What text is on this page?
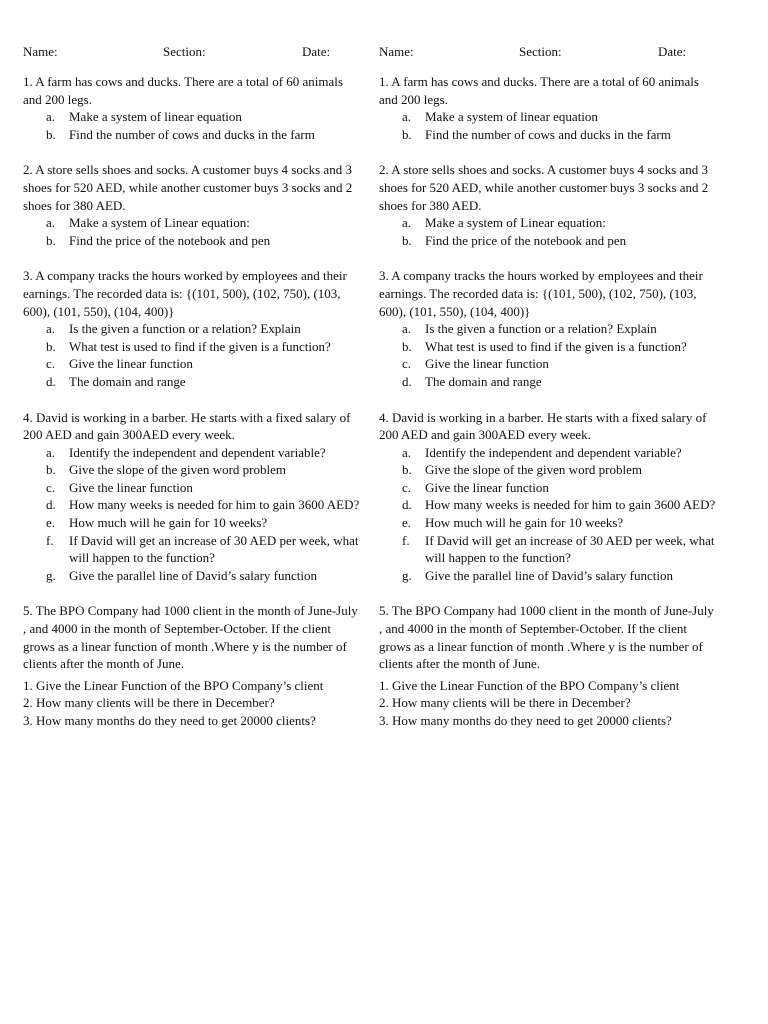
Name:	Section:	Date:

1. A farm has cows and ducks. There are a total of 60 animals and 200 legs.

a. Make a system of linear equation
b. Find the number of cows and ducks in the farm

2. A store sells shoes and socks. A customer buys 4 socks and 3 shoes for 520 AED, while another customer buys 3 socks and 2 shoes for 380 AED.

a. Make a system of Linear equation:
b. Find the price of the notebook and pen

3. A company tracks the hours worked by employees and their earnings. The recorded data is: {(101, 500), (102, 750), (103, 600), (101, 550), (104, 400)}

a. Is the given a function or a relation? Explain
b. What test is used to find if the given is a function?
c. Give the linear function
d. The domain and range

4. David is working in a barber. He starts with a fixed salary of 200 AED and gain 300AED every week.

a. Identify the independent and dependent variable?
b. Give the slope of the given word problem
c. Give the linear function
d. How many weeks is needed for him to gain 3600 AED?
e. How much will he gain for 10 weeks?
f. If David will get an increase of 30 AED per week, what will happen to the function?
g. Give the parallel line of David’s salary function

5. The BPO Company had 1000 client in the month of June-July , and 4000 in the month of September-October. If the client grows as a linear function of month .Where y is the number of clients after the month of June.

1. Give the Linear Function of the BPO Company’s client
2. How many clients will be there in December?
3. How many months do they need to get 20000 clients?
Name:	Section:	Date:

1. A farm has cows and ducks. There are a total of 60 animals and 200 legs.

a. Make a system of linear equation
b. Find the number of cows and ducks in the farm

2. A store sells shoes and socks. A customer buys 4 socks and 3 shoes for 520 AED, while another customer buys 3 socks and 2 shoes for 380 AED.

a. Make a system of Linear equation:
b. Find the price of the notebook and pen

3. A company tracks the hours worked by employees and their earnings. The recorded data is: {(101, 500), (102, 750), (103, 600), (101, 550), (104, 400)}

a. Is the given a function or a relation? Explain
b. What test is used to find if the given is a function?
c. Give the linear function
d. The domain and range

4. David is working in a barber. He starts with a fixed salary of 200 AED and gain 300AED every week.

a. Identify the independent and dependent variable?
b. Give the slope of the given word problem
c. Give the linear function
d. How many weeks is needed for him to gain 3600 AED?
e. How much will he gain for 10 weeks?
f. If David will get an increase of 30 AED per week, what will happen to the function?
g. Give the parallel line of David’s salary function

5. The BPO Company had 1000 client in the month of June-July , and 4000 in the month of September-October. If the client grows as a linear function of month .Where y is the number of clients after the month of June.

1. Give the Linear Function of the BPO Company’s client
2. How many clients will be there in December?
3. How many months do they need to get 20000 clients?
